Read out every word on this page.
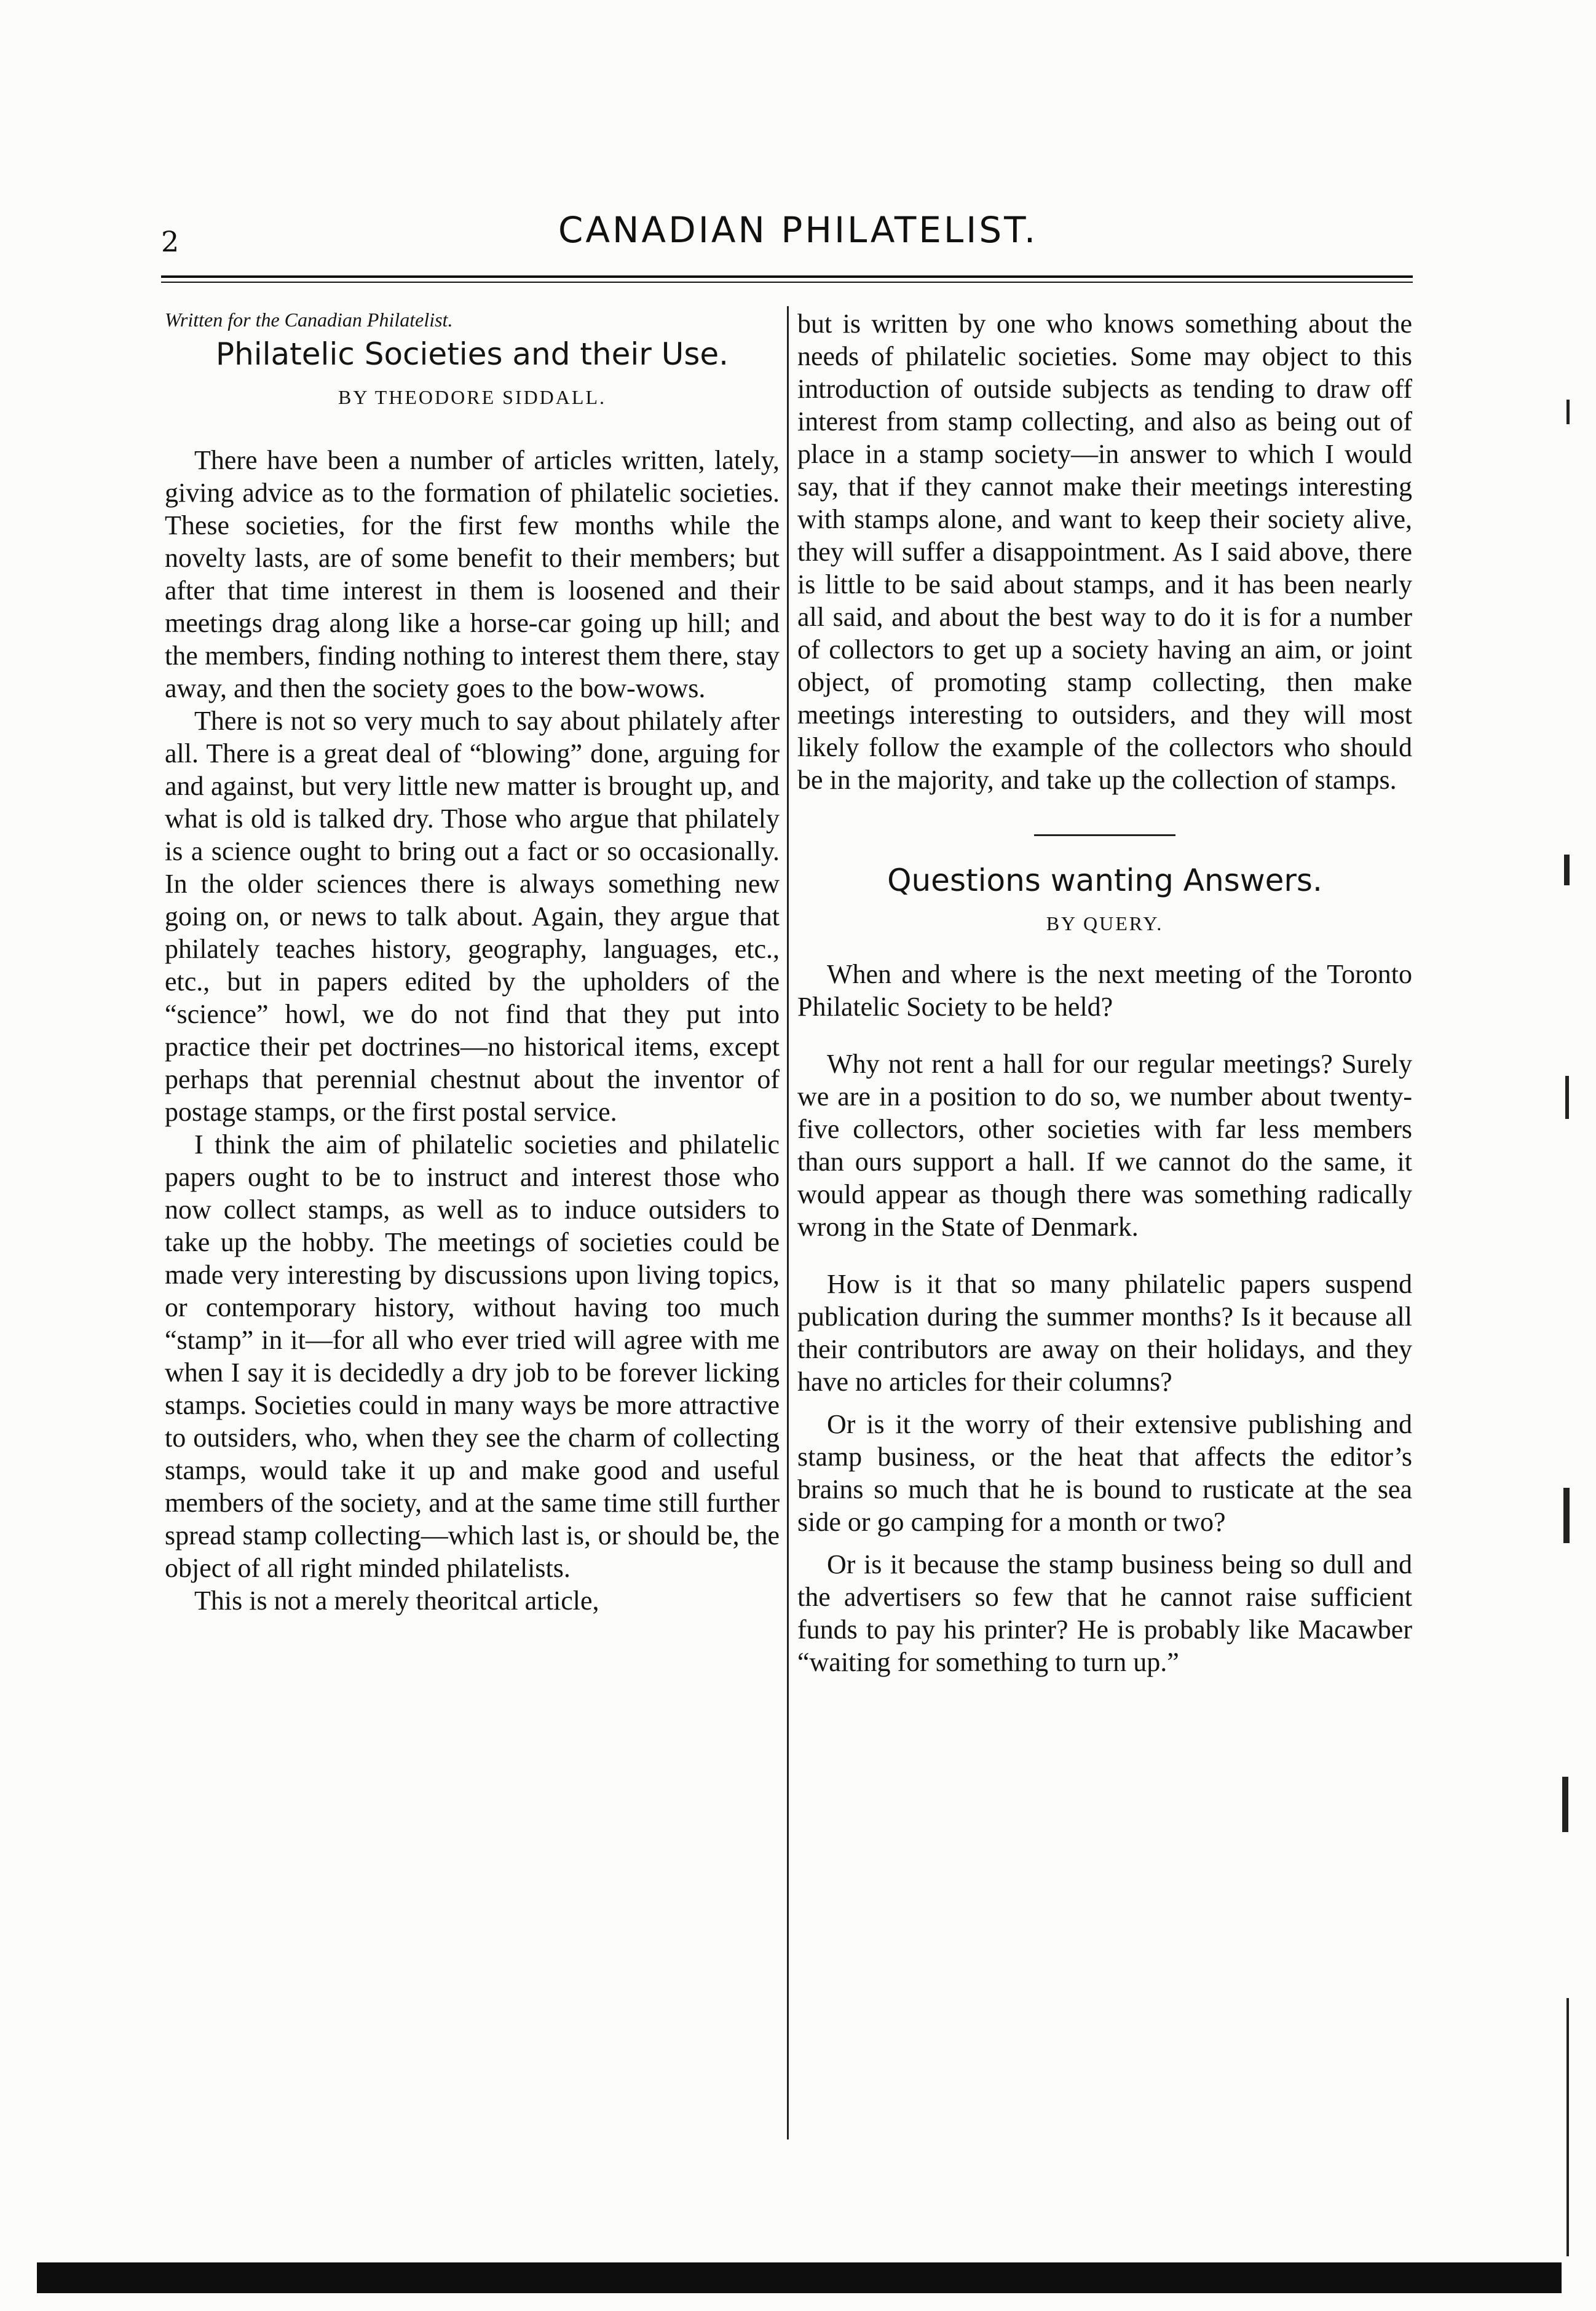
2	CANADIAN PHILATELIST.

Written for the Canadian Philatelist.

Philatelic Societies and their Use.

BY THEODORE SIDDALL.

There have been a number of articles written, lately, giving advice as to the formation of philatelic societies. These societies, for the first few months while the novelty lasts, are of some benefit to their members; but after that time interest in them is loosened and their meetings drag along like a horse-car going up hill; and the members, finding nothing to interest them there, stay away, and then the society goes to the bow-wows.

There is not so very much to say about philately after all. There is a great deal of “blowing” done, arguing for and against, but very little new matter is brought up, and what is old is talked dry. Those who argue that philately is a science ought to bring out a fact or so occasionally. In the older sciences there is always something new going on, or news to talk about. Again, they argue that philately teaches history, geography, languages, etc., etc., but in papers edited by the upholders of the “science” howl, we do not find that they put into practice their pet doctrines—no historical items, except perhaps that perennial chestnut about the inventor of postage stamps, or the first postal service.

I think the aim of philatelic societies and philatelic papers ought to be to instruct and interest those who now collect stamps, as well as to induce outsiders to take up the hobby. The meetings of societies could be made very interesting by discussions upon living topics, or contemporary history, without having too much “stamp” in it—for all who ever tried will agree with me when I say it is decidedly a dry job to be forever licking stamps. Societies could in many ways be more attractive to outsiders, who, when they see the charm of collecting stamps, would take it up and make good and useful members of the society, and at the same time still further spread stamp collecting—which last is, or should be, the object of all right minded philatelists.

This is not a merely theoritcal article,

but is written by one who knows something about the needs of philatelic societies. Some may object to this introduction of outside subjects as tending to draw off interest from stamp collecting, and also as being out of place in a stamp society—in answer to which I would say, that if they cannot make their meetings interesting with stamps alone, and want to keep their society alive, they will suffer a disappointment. As I said above, there is little to be said about stamps, and it has been nearly all said, and about the best way to do it is for a number of collectors to get up a society having an aim, or joint object, of promoting stamp collecting, then make meetings interesting to outsiders, and they will most likely follow the example of the collectors who should be in the majority, and take up the collection of stamps.

Questions wanting Answers.

BY QUERY.

When and where is the next meeting of the Toronto Philatelic Society to be held?

Why not rent a hall for our regular meetings? Surely we are in a position to do so, we number about twenty-five collectors, other societies with far less members than ours support a hall. If we cannot do the same, it would appear as though there was something radically wrong in the State of Denmark.

How is it that so many philatelic papers suspend publication during the summer months? Is it because all their contributors are away on their holidays, and they have no articles for their columns?

Or is it the worry of their extensive publishing and stamp business, or the heat that affects the editor’s brains so much that he is bound to rusticate at the sea side or go camping for a month or two?

Or is it because the stamp business being so dull and the advertisers so few that he cannot raise sufficient funds to pay his printer? He is probably like Macawber “waiting for something to turn up.”
